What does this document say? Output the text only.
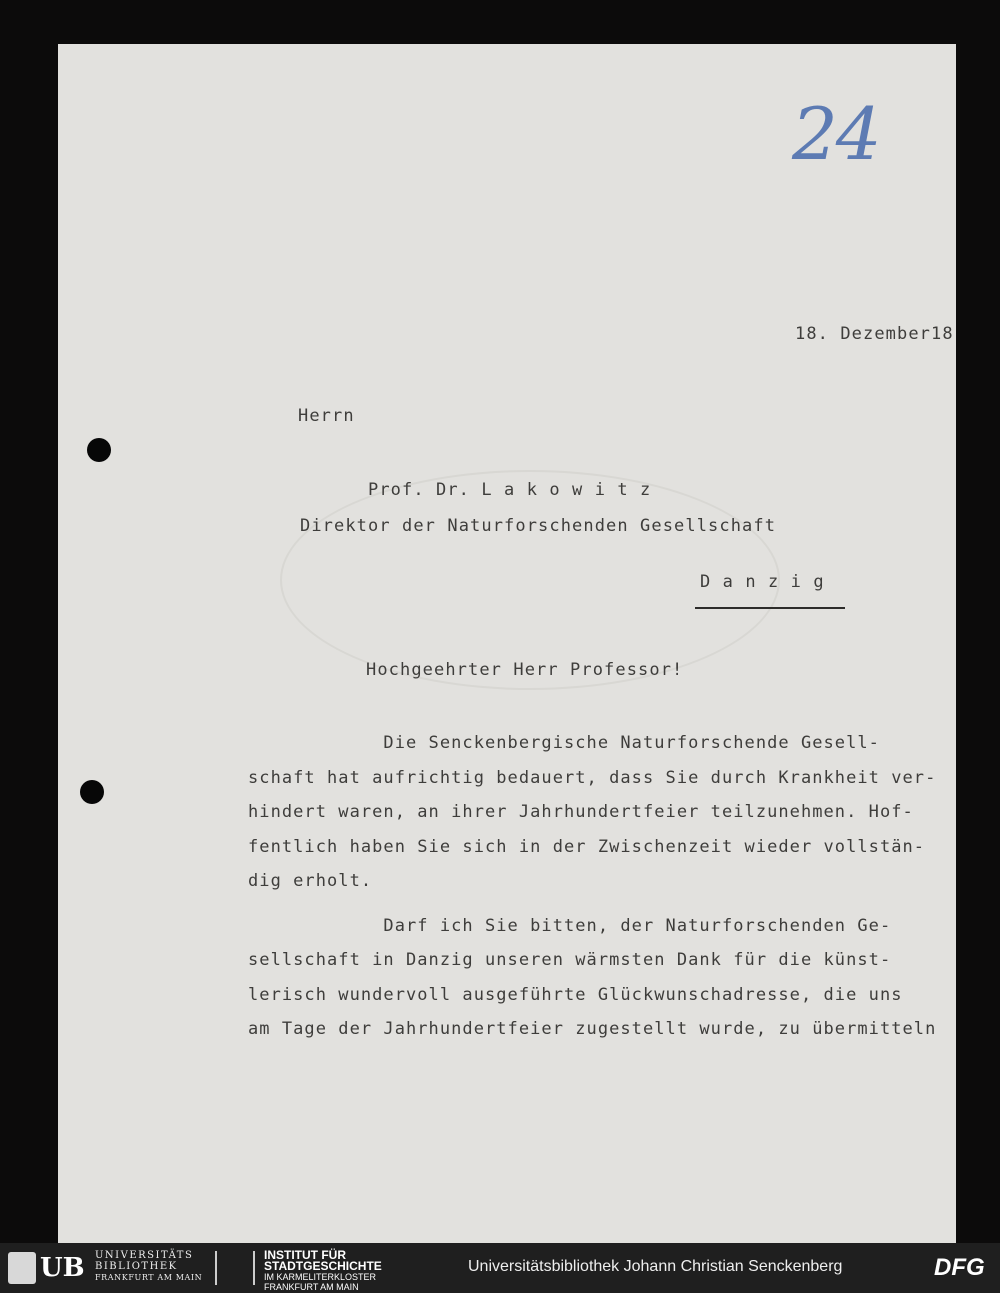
24
18. Dezember18
Herrn
Prof. Dr. L a k o w i t z
Direktor der Naturforschenden Gesellschaft
D a n z i g
Hochgeehrter Herr Professor!
Die Senckenbergische Naturforschende Gesell-
schaft hat aufrichtig bedauert, dass Sie durch Krankheit ver-
hindert waren, an ihrer Jahrhundertfeier teilzunehmen. Hof-
fentlich haben Sie sich in der Zwischenzeit wieder vollstän-
dig erholt.
Darf ich Sie bitten, der Naturforschenden Ge-
sellschaft in Danzig unseren wärmsten Dank für die künst-
lerisch wundervoll ausgeführte Glückwunschadresse, die uns
am Tage der Jahrhundertfeier zugestellt wurde, zu übermitteln
UB UNIVERSITÄTS
BIBLIOTHEK
FRANKFURT AM MAIN
INSTITUT FÜR
STADTGESCHICHTE
IM KARMELITERKLOSTER
FRANKFURT AM MAIN
Universitätsbibliothek Johann Christian Senckenberg	DFG
